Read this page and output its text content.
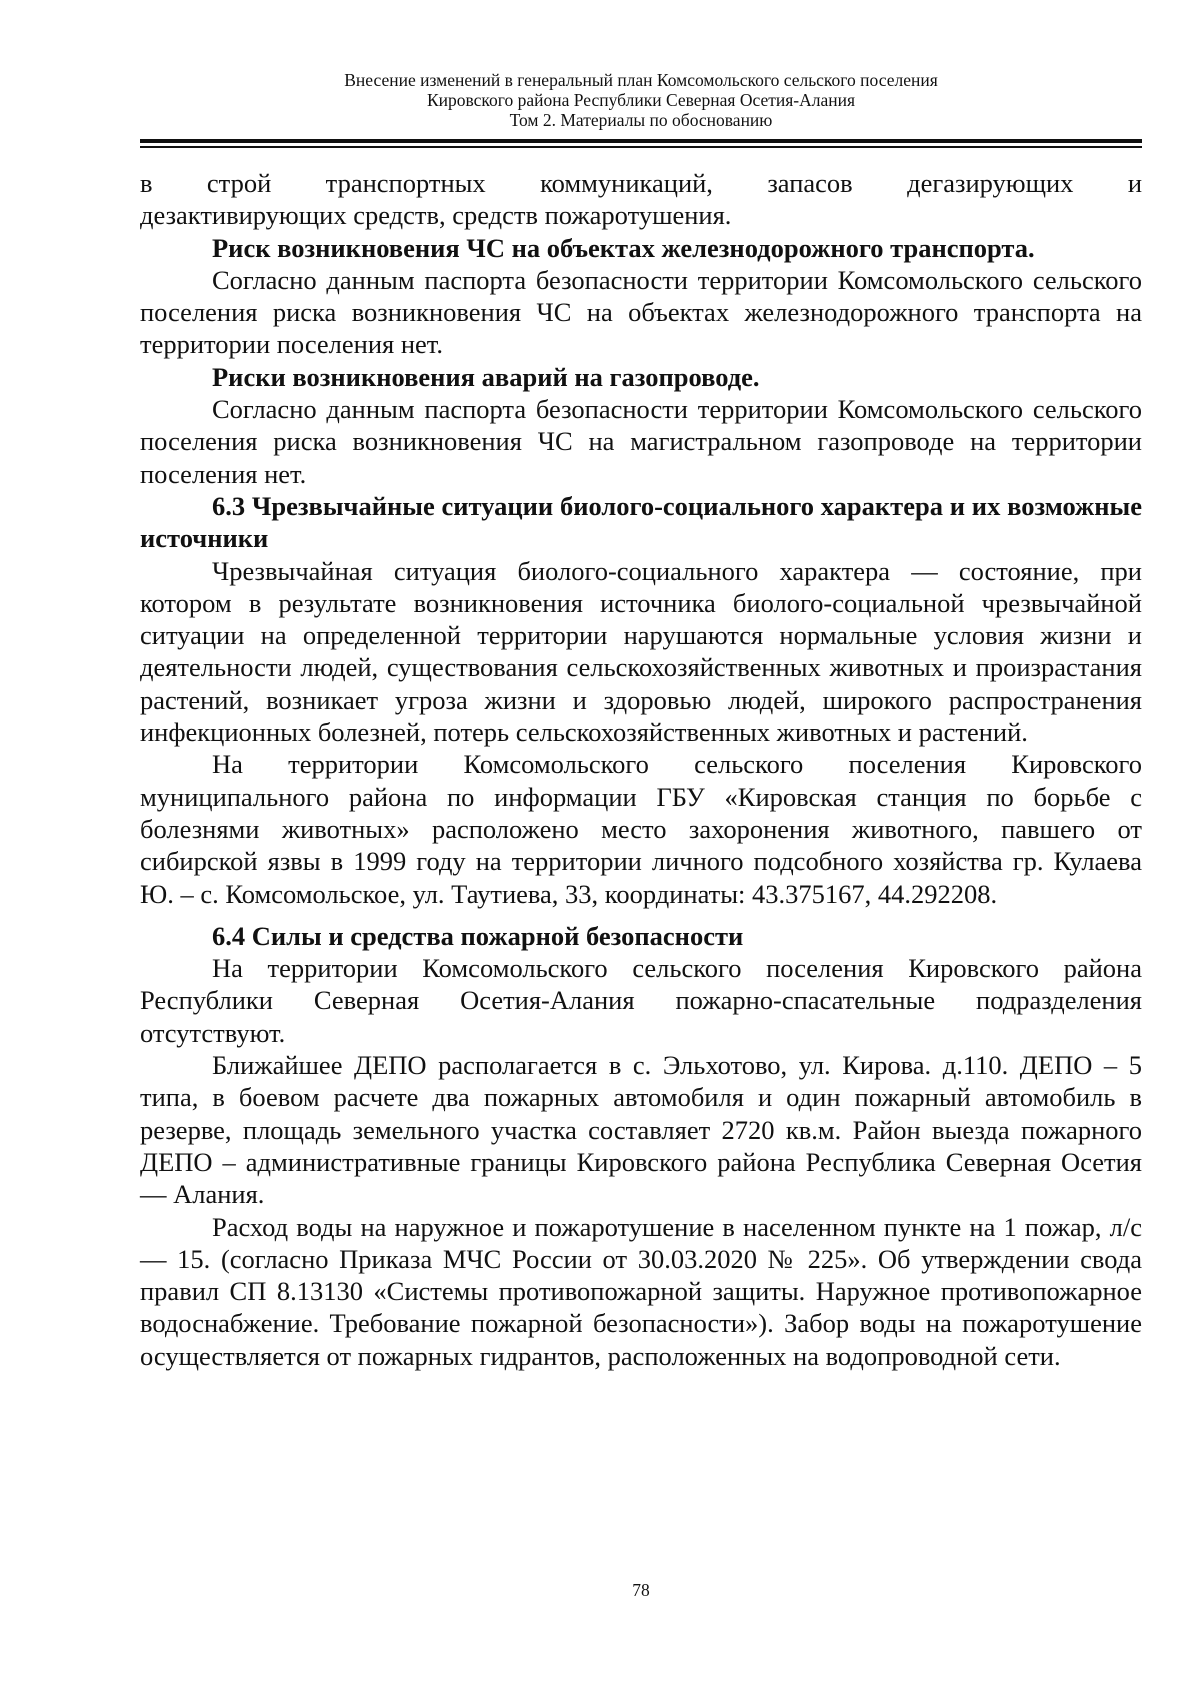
Внесение изменений в генеральный план Комсомольского сельского поселения
Кировского района Республики Северная Осетия-Алания
Том 2. Материалы по обоснованию

в строй транспортных коммуникаций, запасов дегазирующих и

дезактивирующих средств, средств пожаротушения.

Риск возникновения ЧС на объектах железнодорожного транспорта.

Согласно данным паспорта безопасности территории Комсомольского сельского поселения риска возникновения ЧС на объектах железнодорожного транспорта на территории поселения нет.

Риски возникновения аварий на газопроводе.

Согласно данным паспорта безопасности территории Комсомольского сельского поселения риска возникновения ЧС на магистральном газопроводе на территории поселения нет.

6.3 Чрезвычайные ситуации биолого-социального характера и их возможные источники

Чрезвычайная ситуация биолого-социального характера — состояние, при котором в результате возникновения источника биолого-социальной чрезвычайной ситуации на определенной территории нарушаются нормальные условия жизни и деятельности людей, существования сельскохозяйственных животных и произрастания растений, возникает угроза жизни и здоровью людей, широкого распространения инфекционных болезней, потерь сельскохозяйственных животных и растений.

На территории Комсомольского сельского поселения Кировского муниципального района по информации ГБУ «Кировская станция по борьбе с болезнями животных» расположено место захоронения животного, павшего от сибирской язвы в 1999 году на территории личного подсобного хозяйства гр. Кулаева Ю. – с. Комсомольское, ул. Таутиева, 33, координаты: 43.375167, 44.292208.

6.4 Силы и средства пожарной безопасности

На территории Комсомольского сельского поселения Кировского района Республики Северная Осетия-Алания пожарно-спасательные подразделения отсутствуют.

Ближайшее ДЕПО располагается в с. Эльхотово, ул. Кирова. д.110. ДЕПО – 5 типа, в боевом расчете два пожарных автомобиля и один пожарный автомобиль в резерве, площадь земельного участка составляет 2720 кв.м. Район выезда пожарного ДЕПО – административные границы Кировского района Республика Северная Осетия — Алания.

Расход воды на наружное и пожаротушение в населенном пункте на 1 пожар, л/с — 15. (согласно Приказа МЧС России от 30.03.2020 № 225». Об утверждении свода правил СП 8.13130 «Системы противопожарной защиты. Наружное противопожарное водоснабжение. Требование пожарной безопасности»). Забор воды на пожаротушение осуществляется от пожарных гидрантов, расположенных на водопроводной сети.

78
